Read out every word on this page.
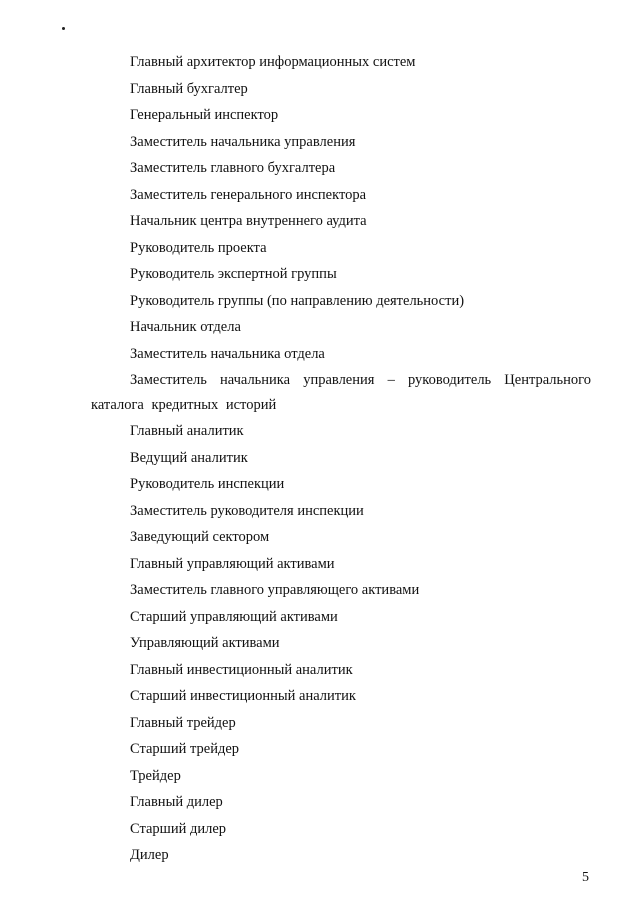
Главный архитектор информационных систем
Главный бухгалтер
Генеральный инспектор
Заместитель начальника управления
Заместитель главного бухгалтера
Заместитель генерального инспектора
Начальник центра внутреннего аудита
Руководитель проекта
Руководитель экспертной группы
Руководитель группы (по направлению деятельности)
Начальник отдела
Заместитель начальника отдела
Заместитель начальника управления – руководитель Центрального каталога кредитных историй
Главный аналитик
Ведущий аналитик
Руководитель инспекции
Заместитель руководителя инспекции
Заведующий сектором
Главный управляющий активами
Заместитель главного управляющего активами
Старший управляющий активами
Управляющий активами
Главный инвестиционный аналитик
Старший инвестиционный аналитик
Главный трейдер
Старший трейдер
Трейдер
Главный дилер
Старший дилер
Дилер
5
